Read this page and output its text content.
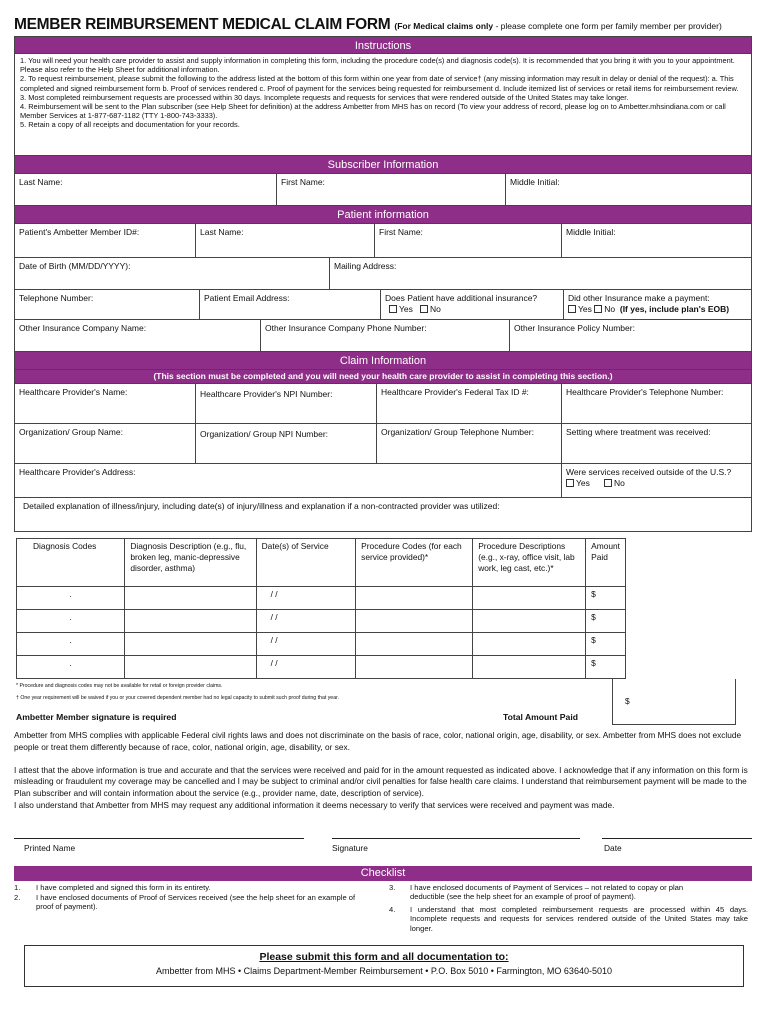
MEMBER REIMBURSEMENT MEDICAL CLAIM FORM (For Medical claims only - please complete one form per family member per provider)
Instructions
1. You will need your health care provider to assist and supply information in completing this form, including the procedure code(s) and diagnosis code(s). It is recommended that you bring it with you to your appointment. Please also refer to the Help Sheet for additional information.
2. To request reimbursement, please submit the following to the address listed at the bottom of this form within one year from date of service† (any missing information may result in delay or denial of the request): a. This completed and signed reimbursement form b. Proof of services rendered c. Proof of payment for the services being requested for reimbursement d. Include itemized list of services or retail items for reimbursement review.
3. Most completed reimbursement requests are processed within 30 days. Incomplete requests and requests for services that were rendered outside of the United States may take longer.
4. Reimbursement will be sent to the Plan subscriber (see Help Sheet for definition) at the address Ambetter from MHS has on record (To view your address of record, please log on to Ambetter.mhsindiana.com or call Member Services at 1-877-687-1182 (TTY 1-800-743-3333).
5. Retain a copy of all receipts and documentation for your records.
Subscriber Information
Last Name:	First Name:	Middle Initial:
Patient information
Patient's Ambetter Member ID#:	Last Name:	First Name:	Middle Initial:
Date of Birth (MM/DD/YYYY):	Mailing Address:
Telephone Number:	Patient Email Address:	Does Patient have additional insurance?
Yes No
Did other Insurance make a payment:
Yes No (If yes, include plan's EOB)
Other Insurance Company Name:	Other Insurance Company Phone Number:	Other Insurance Policy Number:
Claim Information
(This section must be completed and you will need your health care provider to assist in completing this section.)
Healthcare Provider's Name:	Healthcare Provider's NPI Number:	Healthcare Provider's Federal Tax ID #:	Healthcare Provider's Telephone Number:
Organization/ Group Name:	Organization/ Group NPI Number:	Organization/ Group Telephone Number:	Setting where treatment was received:
Healthcare Provider's Address:	Were services received outside of the U.S.?
Yes	No
Detailed explanation of illness/injury, including date(s) of injury/illness and explanation if a non-contracted provider was utilized:
Diagnosis Codes	Diagnosis Description (e.g., flu, broken leg, manic-depressive disorder, asthma)	Date(s) of Service	Procedure Codes (for each service provided)*	Procedure Descriptions (e.g., x-ray, office visit, lab work, leg cast, etc.)*	Amount Paid
.		/ /			$
.		/ /			$
.		/ /			$
.		/ /			$
* Procedure and diagnosis codes may not be available for retail or foreign provider claims.
† One year requirement will be waived if you or your covered dependent member had no legal capacity to submit such proof during that year.
Ambetter Member signature is required	Total Amount Paid
$
Ambetter from MHS complies with applicable Federal civil rights laws and does not discriminate on the basis of race, color, national origin, age, disability, or sex. Ambetter from MHS does not exclude people or treat them differently because of race, color, national origin, age, disability, or sex.
I attest that the above information is true and accurate and that the services were received and paid for in the amount requested as indicated above. I acknowledge that if any information on this form is misleading or fraudulent my coverage may be cancelled and I may be subject to criminal and/or civil penalties for false health care claims. I understand that reimbursement payment will be made to the Plan subscriber and will contain information about the service (e.g., provider name, date, description of service).
I also understand that Ambetter from MHS may request any additional information it deems necessary to verify that services were received and payment was made.
Printed Name	Signature	Date
Checklist
1.	I have completed and signed this form in its entirety.
2.	I have enclosed documents of Proof of Services received (see the help sheet for an example of proof of payment).
3.	I have enclosed documents of Payment of Services – not related to copay or plan deductible (see the help sheet for an example of proof of payment).
4.	I understand that most completed reimbursement requests are processed within 45 days. Incomplete requests and requests for services rendered outside of the United States may take longer.
Please submit this form and all documentation to:
Ambetter from MHS • Claims Department-Member Reimbursement • P.O. Box 5010 • Farmington, MO 63640-5010
